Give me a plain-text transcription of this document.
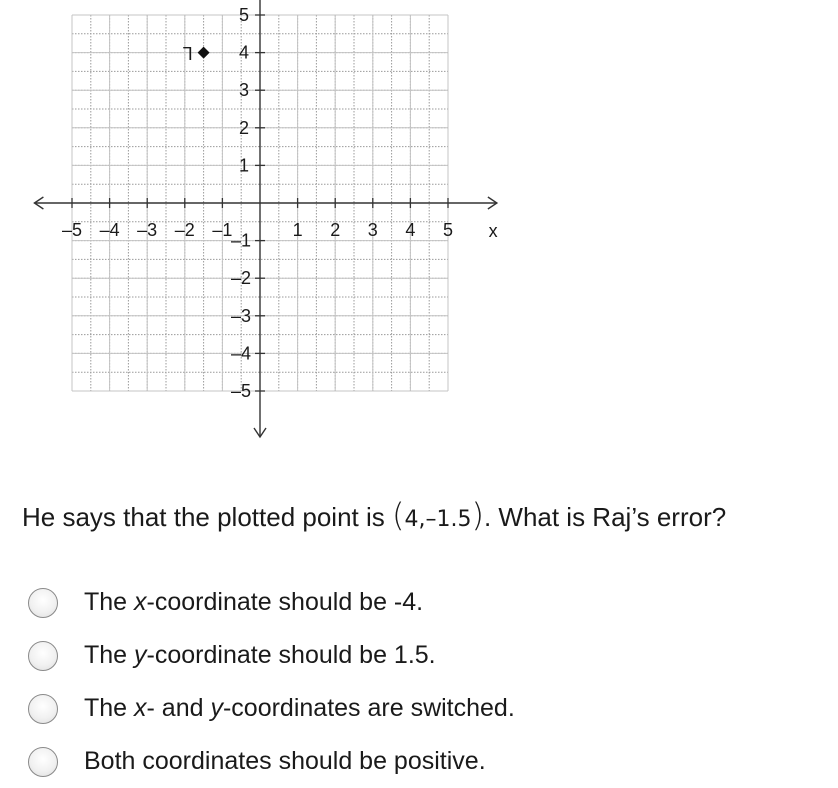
–5 –4 –3 –2 –1	1 2 3 4 5
1
2
3
4
5
–1
–2
–3
–4
–5
x
L
He says that the plotted point is (4,–1.5). What is Raj’s error?
The x-coordinate should be -4.
The y-coordinate should be 1.5.
The x- and y-coordinates are switched.
Both coordinates should be positive.
